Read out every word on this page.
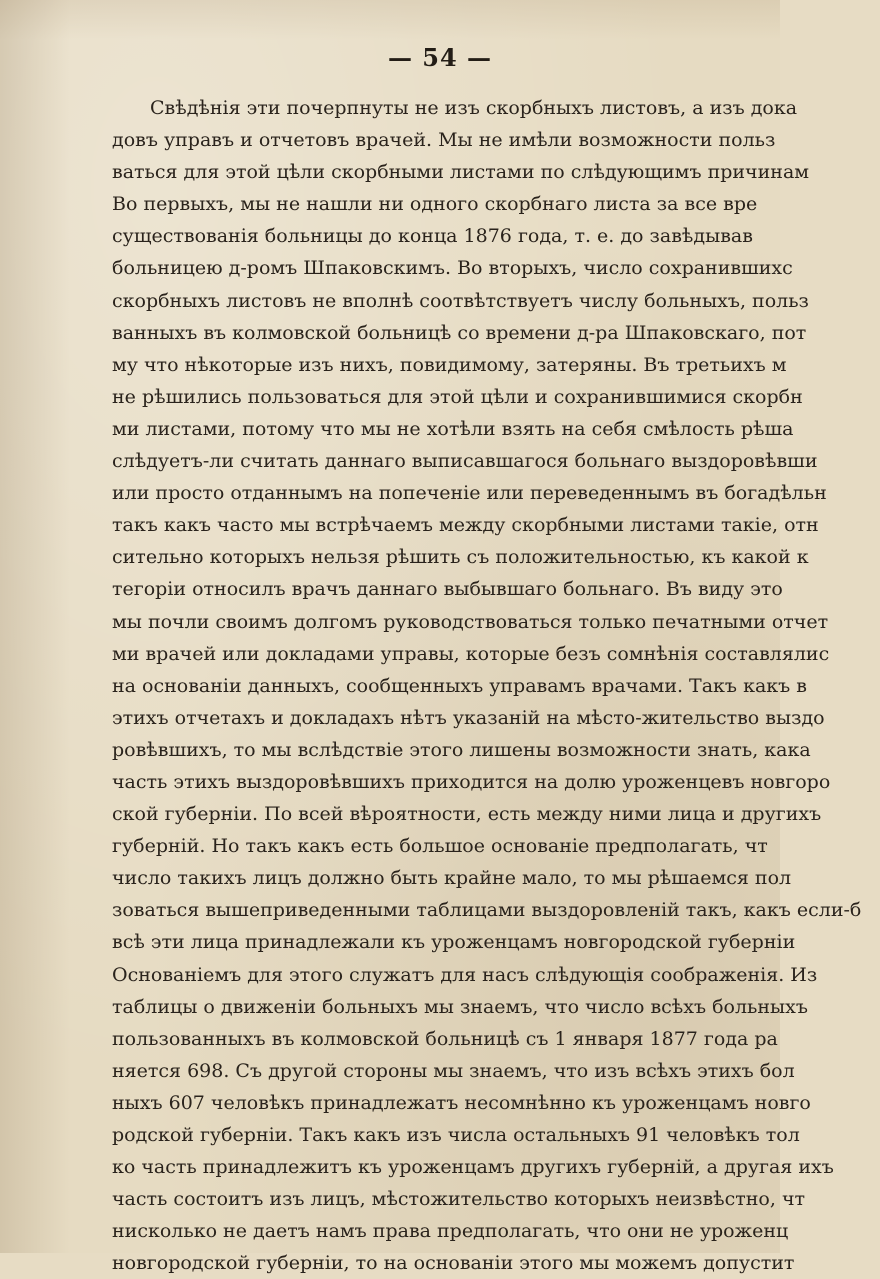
— 54 —
Свѣдѣнія эти почерпнуты не изъ скорбныхъ листовъ, а изъ дока
довъ управъ и отчетовъ врачей. Мы не имѣли возможности польз
ваться для этой цѣли скорбными листами по слѣдующимъ причинам
Во первыхъ, мы не нашли ни одного скорбнаго листа за все вре
существованія больницы до конца 1876 года, т. е. до завѣдывав
больницею д-ромъ Шпаковскимъ. Во вторыхъ, число сохранившихс
скорбныхъ листовъ не вполнѣ соотвѣтствуетъ числу больныхъ, польз
ванныхъ въ колмовской больницѣ со времени д-ра Шпаковскаго, пот
му что нѣкоторые изъ нихъ, повидимому, затеряны. Въ третьихъ м
не рѣшились пользоваться для этой цѣли и сохранившимися скорбн
ми листами, потому что мы не хотѣли взять на себя смѣлость рѣша
слѣдуетъ-ли считать даннаго выписавшагося больнаго выздоровѣвши
или просто отданнымъ на попеченіе или переведеннымъ въ богадѣльн
такъ какъ часто мы встрѣчаемъ между скорбными листами такіе, отн
сительно которыхъ нельзя рѣшить съ положительностью, къ какой к
тегоріи относилъ врачъ даннаго выбывшаго больнаго. Въ виду это
мы почли своимъ долгомъ руководствоваться только печатными отчет
ми врачей или докладами управы, которые безъ сомнѣнія составлялис
на основаніи данныхъ, сообщенныхъ управамъ врачами. Такъ какъ в
этихъ отчетахъ и докладахъ нѣтъ указаній на мѣсто-жительство выздо
ровѣвшихъ, то мы вслѣдствіе этого лишены возможности знать, кака
часть этихъ выздоровѣвшихъ приходится на долю уроженцевъ новгоро
ской губерніи. По всей вѣроятности, есть между ними лица и другихъ
губерній. Но такъ какъ есть большое основаніе предполагать, чт
число такихъ лицъ должно быть крайне мало, то мы рѣшаемся пол
зоваться вышеприведенными таблицами выздоровленій такъ, какъ если-б
всѣ эти лица принадлежали къ уроженцамъ новгородской губерніи
Основаніемъ для этого служатъ для насъ слѣдующія соображенія. Из
таблицы о движеніи больныхъ мы знаемъ, что число всѣхъ больныхъ
пользованныхъ въ колмовской больницѣ съ 1 января 1877 года ра
няется 698. Съ другой стороны мы знаемъ, что изъ всѣхъ этихъ бол
ныхъ 607 человѣкъ принадлежатъ несомнѣнно къ уроженцамъ новго
родской губерніи. Такъ какъ изъ числа остальныхъ 91 человѣкъ тол
ко часть принадлежитъ къ уроженцамъ другихъ губерній, а другая ихъ
часть состоитъ изъ лицъ, мѣстожительство которыхъ неизвѣстно, чт
нисколько не даетъ намъ права предполагать, что они не уроженц
новгородской губерніи, то на основаніи этого мы можемъ допустит
